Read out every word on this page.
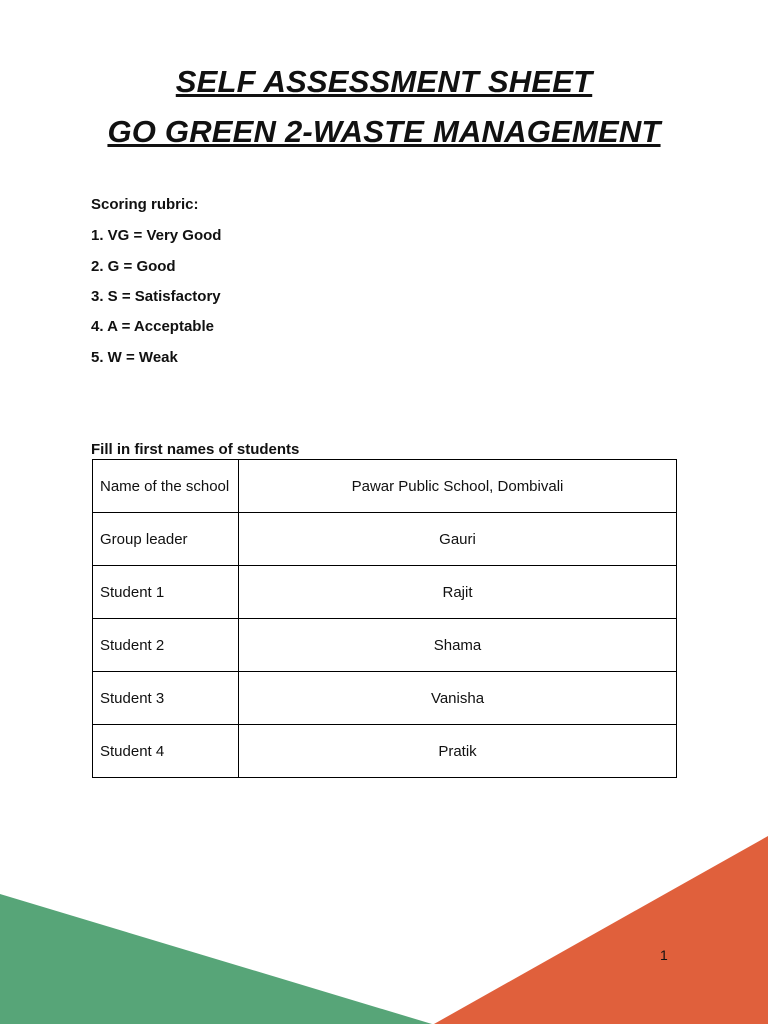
SELF ASSESSMENT SHEET
GO GREEN 2-WASTE MANAGEMENT
Scoring rubric:
1. VG = Very Good
2. G = Good
3. S = Satisfactory
4. A = Acceptable
5. W = Weak
Fill in first names of students
Name of the school	Pawar Public School, Dombivali
Group leader	Gauri
Student 1	Rajit
Student 2	Shama
Student 3	Vanisha
Student 4	Pratik
1
